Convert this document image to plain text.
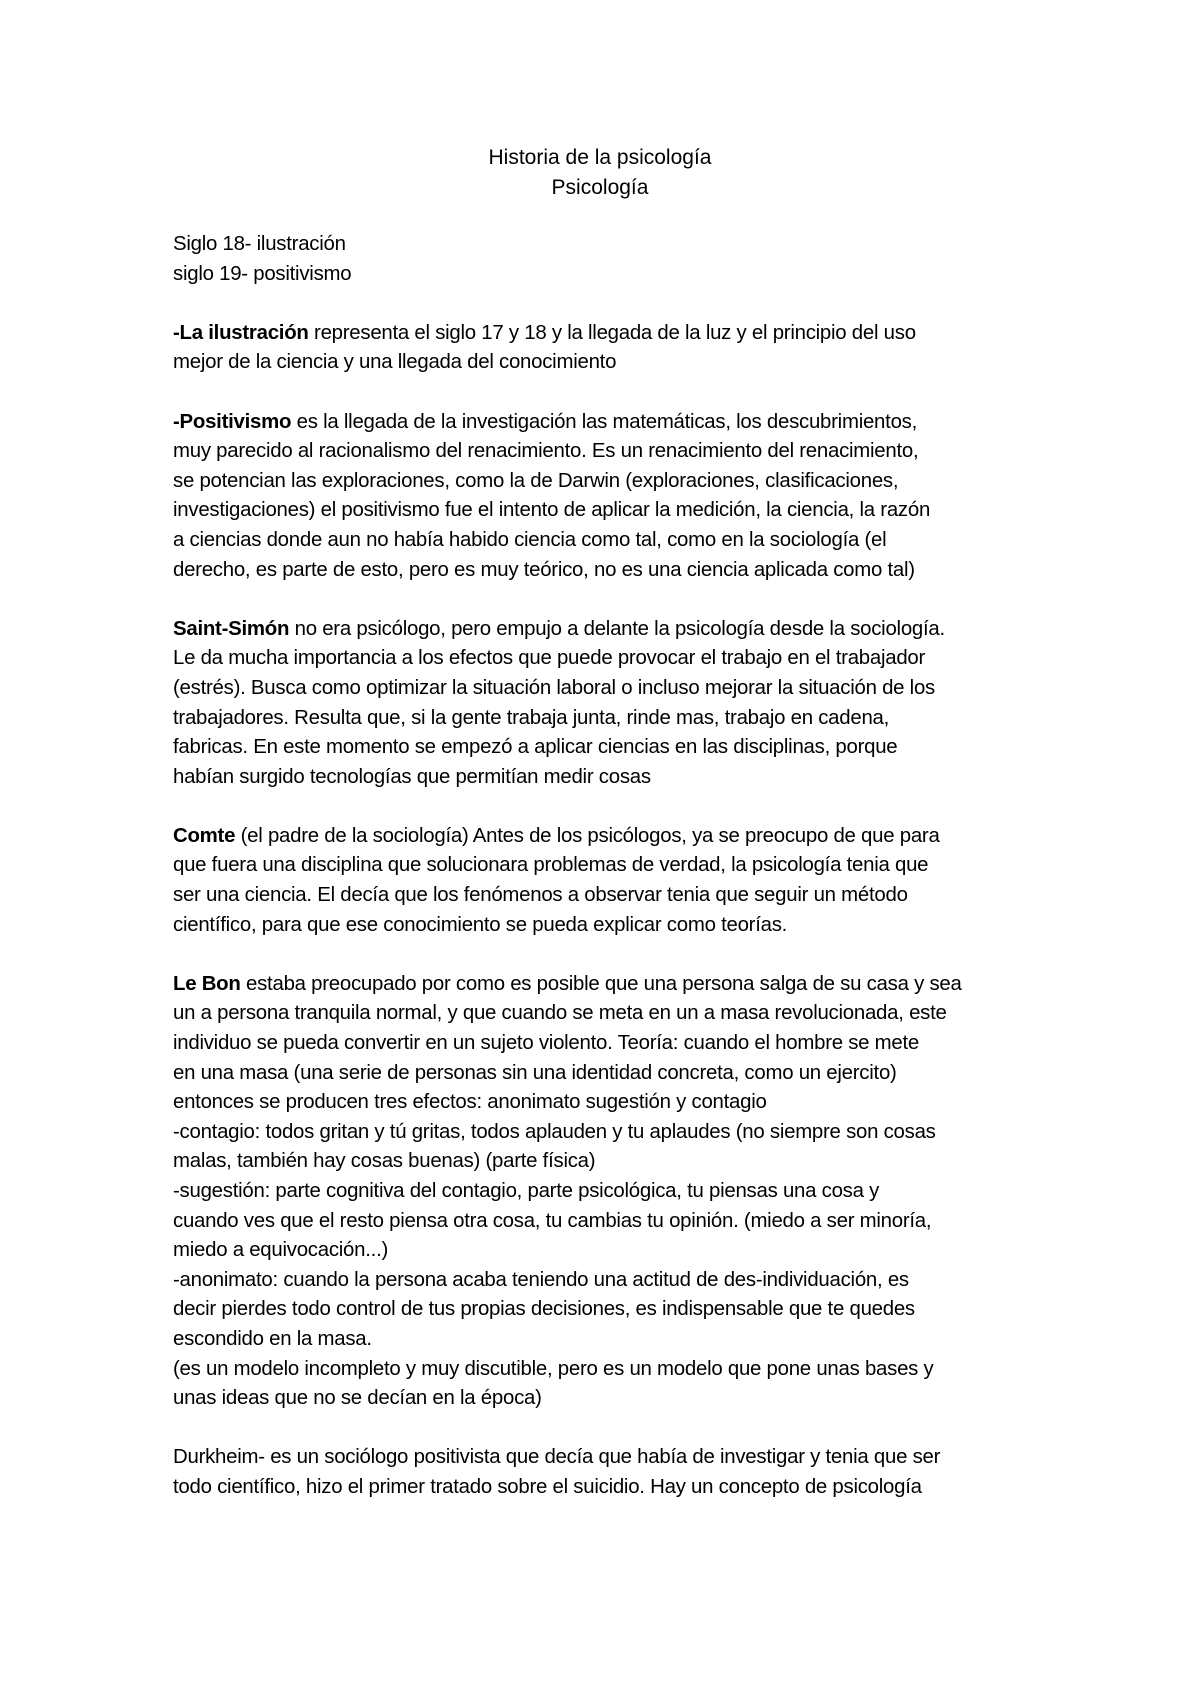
Historia de la psicología
Psicología
Siglo 18- ilustración
siglo 19- positivismo
-La ilustración representa el siglo 17 y 18 y la llegada de la luz y el principio del uso
mejor de la ciencia y una llegada del conocimiento
-Positivismo es la llegada de la investigación las matemáticas, los descubrimientos,
muy parecido al racionalismo del renacimiento. Es un renacimiento del renacimiento,
se potencian las exploraciones, como la de Darwin (exploraciones, clasificaciones,
investigaciones) el positivismo fue el intento de aplicar la medición, la ciencia, la razón
a ciencias donde aun no había habido ciencia como tal, como en la sociología (el
derecho, es parte de esto, pero es muy teórico, no es una ciencia aplicada como tal)
Saint-Simón no era psicólogo, pero empujo a delante la psicología desde la sociología.
Le da mucha importancia a los efectos que puede provocar el trabajo en el trabajador
(estrés). Busca como optimizar la situación laboral o incluso mejorar la situación de los
trabajadores. Resulta que, si la gente trabaja junta, rinde mas, trabajo en cadena,
fabricas. En este momento se empezó a aplicar ciencias en las disciplinas, porque
habían surgido tecnologías que permitían medir cosas
Comte (el padre de la sociología) Antes de los psicólogos, ya se preocupo de que para
que fuera una disciplina que solucionara problemas de verdad, la psicología tenia que
ser una ciencia. El decía que los fenómenos a observar tenia que seguir un método
científico, para que ese conocimiento se pueda explicar como teorías.
Le Bon estaba preocupado por como es posible que una persona salga de su casa y sea
un a persona tranquila normal, y que cuando se meta en un a masa revolucionada, este
individuo se pueda convertir en un sujeto violento. Teoría: cuando el hombre se mete
en una masa (una serie de personas sin una identidad concreta, como un ejercito)
entonces se producen tres efectos: anonimato sugestión y contagio
-contagio: todos gritan y tú gritas, todos aplauden y tu aplaudes (no siempre son cosas
malas, también hay cosas buenas) (parte física)
-sugestión: parte cognitiva del contagio, parte psicológica, tu piensas una cosa y
cuando ves que el resto piensa otra cosa, tu cambias tu opinión. (miedo a ser minoría,
miedo a equivocación...)
-anonimato: cuando la persona acaba teniendo una actitud de des-individuación, es
decir pierdes todo control de tus propias decisiones, es indispensable que te quedes
escondido en la masa.
(es un modelo incompleto y muy discutible, pero es un modelo que pone unas bases y
unas ideas que no se decían en la época)
Durkheim- es un sociólogo positivista que decía que había de investigar y tenia que ser
todo científico, hizo el primer tratado sobre el suicidio. Hay un concepto de psicología
